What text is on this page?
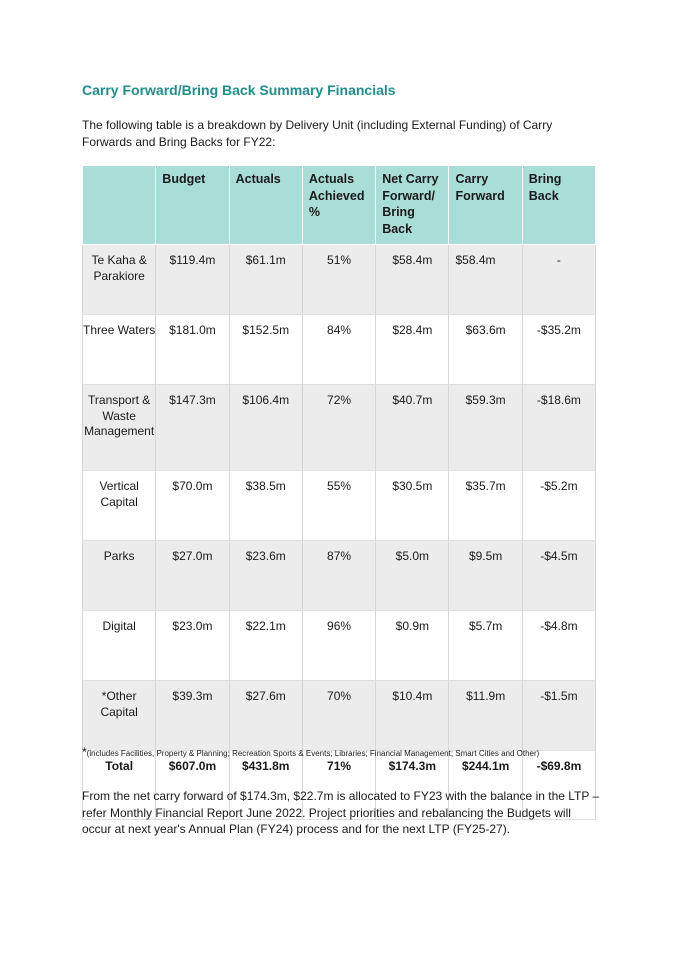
Carry Forward/Bring Back Summary Financials
The following table is a breakdown by Delivery Unit (including External Funding) of Carry Forwards and Bring Backs for FY22:
	Budget	Actuals	Actuals Achieved %	Net Carry Forward/ Bring Back	Carry Forward	Bring Back
Te Kaha & Parakiore	$119.4m	$61.1m	51%	$58.4m	$58.4m	-
Three Waters	$181.0m	$152.5m	84%	$28.4m	$63.6m	-$35.2m
Transport & Waste Management	$147.3m	$106.4m	72%	$40.7m	$59.3m	-$18.6m
Vertical Capital	$70.0m	$38.5m	55%	$30.5m	$35.7m	-$5.2m
Parks	$27.0m	$23.6m	87%	$5.0m	$9.5m	-$4.5m
Digital	$23.0m	$22.1m	96%	$0.9m	$5.7m	-$4.8m
*Other Capital	$39.3m	$27.6m	70%	$10.4m	$11.9m	-$1.5m
Total	$607.0m	$431.8m	71%	$174.3m	$244.1m	-$69.8m
*(includes Facilities, Property & Planning; Recreation Sports & Events; Libraries; Financial Management; Smart Cities and Other)
From the net carry forward of $174.3m, $22.7m is allocated to FY23 with the balance in the LTP – refer Monthly Financial Report June 2022. Project priorities and rebalancing the Budgets will occur at next year's Annual Plan (FY24) process and for the next LTP (FY25-27).
